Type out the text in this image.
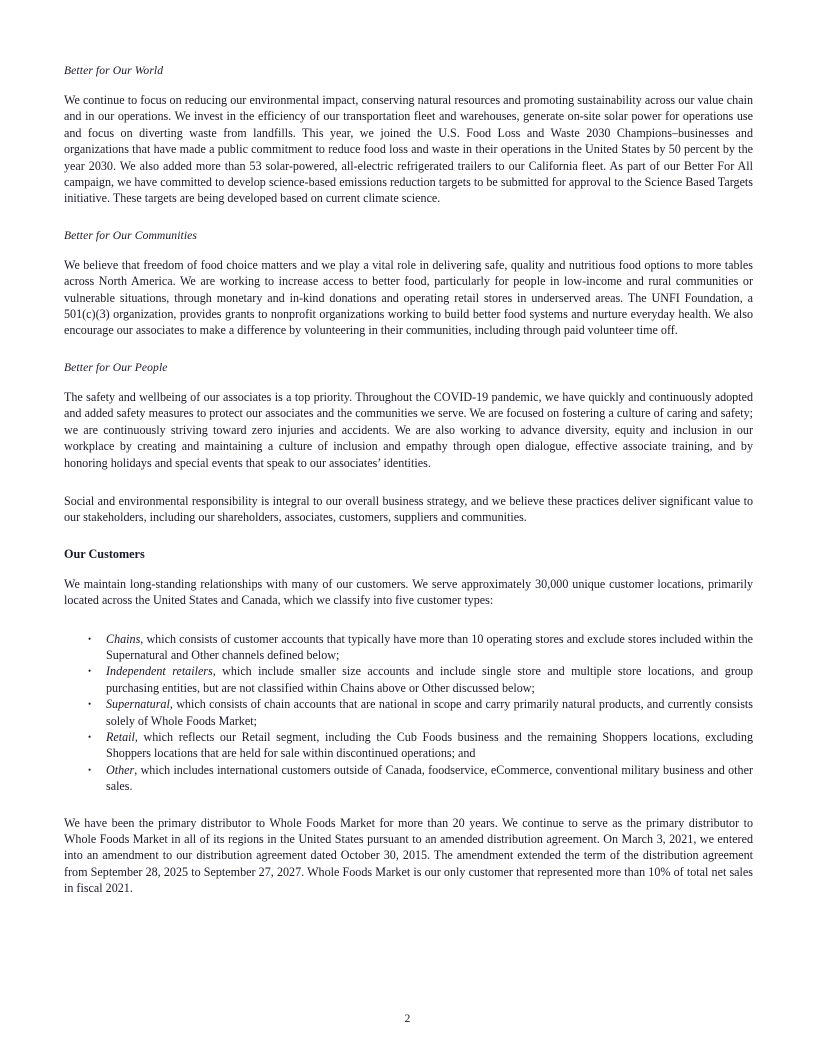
Better for Our World

We continue to focus on reducing our environmental impact, conserving natural resources and promoting sustainability across our value chain and in our operations. We invest in the efficiency of our transportation fleet and warehouses, generate on-site solar power for operations use and focus on diverting waste from landfills. This year, we joined the U.S. Food Loss and Waste 2030 Champions–businesses and organizations that have made a public commitment to reduce food loss and waste in their operations in the United States by 50 percent by the year 2030. We also added more than 53 solar-powered, all-electric refrigerated trailers to our California fleet. As part of our Better For All campaign, we have committed to develop science-based emissions reduction targets to be submitted for approval to the Science Based Targets initiative. These targets are being developed based on current climate science.

Better for Our Communities

We believe that freedom of food choice matters and we play a vital role in delivering safe, quality and nutritious food options to more tables across North America. We are working to increase access to better food, particularly for people in low-income and rural communities or vulnerable situations, through monetary and in-kind donations and operating retail stores in underserved areas. The UNFI Foundation, a 501(c)(3) organization, provides grants to nonprofit organizations working to build better food systems and nurture everyday health. We also encourage our associates to make a difference by volunteering in their communities, including through paid volunteer time off.

Better for Our People

The safety and wellbeing of our associates is a top priority. Throughout the COVID-19 pandemic, we have quickly and continuously adopted and added safety measures to protect our associates and the communities we serve. We are focused on fostering a culture of caring and safety; we are continuously striving toward zero injuries and accidents. We are also working to advance diversity, equity and inclusion in our workplace by creating and maintaining a culture of inclusion and empathy through open dialogue, effective associate training, and by honoring holidays and special events that speak to our associates’ identities.

Social and environmental responsibility is integral to our overall business strategy, and we believe these practices deliver significant value to our stakeholders, including our shareholders, associates, customers, suppliers and communities.

Our Customers

We maintain long-standing relationships with many of our customers. We serve approximately 30,000 unique customer locations, primarily located across the United States and Canada, which we classify into five customer types:

• Chains, which consists of customer accounts that typically have more than 10 operating stores and exclude stores included within the Supernatural and Other channels defined below;
• Independent retailers, which include smaller size accounts and include single store and multiple store locations, and group purchasing entities, but are not classified within Chains above or Other discussed below;
• Supernatural, which consists of chain accounts that are national in scope and carry primarily natural products, and currently consists solely of Whole Foods Market;
• Retail, which reflects our Retail segment, including the Cub Foods business and the remaining Shoppers locations, excluding Shoppers locations that are held for sale within discontinued operations; and
• Other, which includes international customers outside of Canada, foodservice, eCommerce, conventional military business and other sales.

We have been the primary distributor to Whole Foods Market for more than 20 years. We continue to serve as the primary distributor to Whole Foods Market in all of its regions in the United States pursuant to an amended distribution agreement. On March 3, 2021, we entered into an amendment to our distribution agreement dated October 30, 2015. The amendment extended the term of the distribution agreement from September 28, 2025 to September 27, 2027. Whole Foods Market is our only customer that represented more than 10% of total net sales in fiscal 2021.

2
